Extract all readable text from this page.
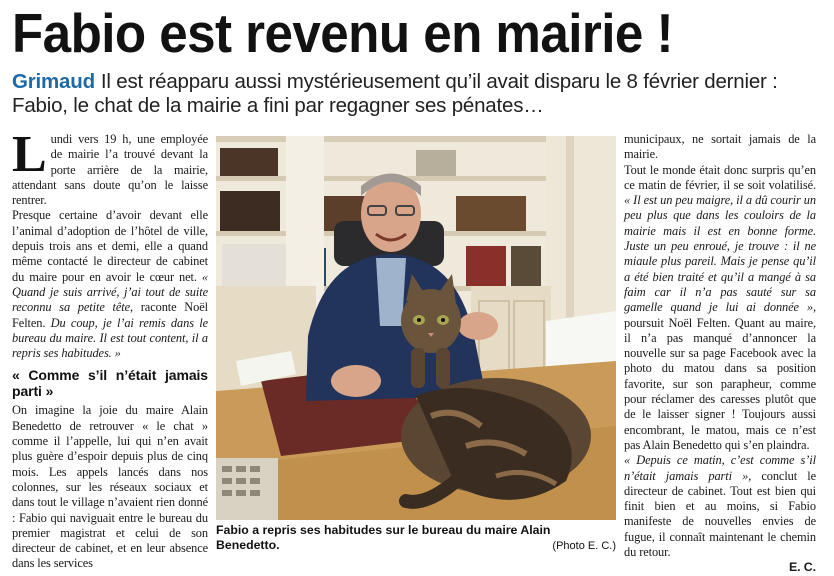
Fabio est revenu en mairie !
Grimaud Il est réapparu aussi mystérieusement qu’il avait disparu le 8 février dernier : Fabio, le chat de la mairie a fini par regagner ses pénates…

Lundi vers 19 h, une employée de mairie l’a trouvé devant la porte arrière de la mairie, attendant sans doute qu’on le laisse rentrer.

Presque certaine d’avoir devant elle l’animal d’adoption de l’hôtel de ville, depuis trois ans et demi, elle a quand même contacté le directeur de cabinet du maire pour en avoir le cœur net. « Quand je suis arrivé, j’ai tout de suite reconnu sa petite tête, raconte Noël Felten. Du coup, je l’ai remis dans le bureau du maire. Il est tout content, il a repris ses habitudes. »

« Comme s’il n’était jamais parti »

On imagine la joie du maire Alain Benedetto de retrouver « le chat » comme il l’appelle, lui qui n’en avait plus guère d’espoir depuis plus de cinq mois. Les appels lancés dans nos colonnes, sur les réseaux sociaux et dans tout le village n’avaient rien donné : Fabio qui naviguait entre le bureau du premier magistrat et celui de son directeur de cabinet, et en leur absence dans les services

Fabio a repris ses habitudes sur le bureau du maire Alain Benedetto.	(Photo E. C.)

municipaux, ne sortait jamais de la mairie.

Tout le monde était donc surpris qu’en ce matin de février, il se soit volatilisé. « Il est un peu maigre, il a dû courir un peu plus que dans les couloirs de la mairie mais il est en bonne forme. Juste un peu enroué, je trouve : il ne miaule plus pareil. Mais je pense qu’il a été bien traité et qu’il a mangé à sa faim car il n’a pas sauté sur sa gamelle quand je lui ai donnée », poursuit Noël Felten. Quant au maire, il n’a pas manqué d’annoncer la nouvelle sur sa page Facebook avec la photo du matou dans sa position favorite, sur son parapheur, comme pour réclamer des caresses plutôt que de le laisser signer ! Toujours aussi encombrant, le matou, mais ce n’est pas Alain Benedetto qui s’en plaindra.

« Depuis ce matin, c’est comme s’il n’était jamais parti », conclut le directeur de cabinet. Tout est bien qui finit bien et au moins, si Fabio manifeste de nouvelles envies de fugue, il connaît maintenant le chemin du retour.

E. C.
